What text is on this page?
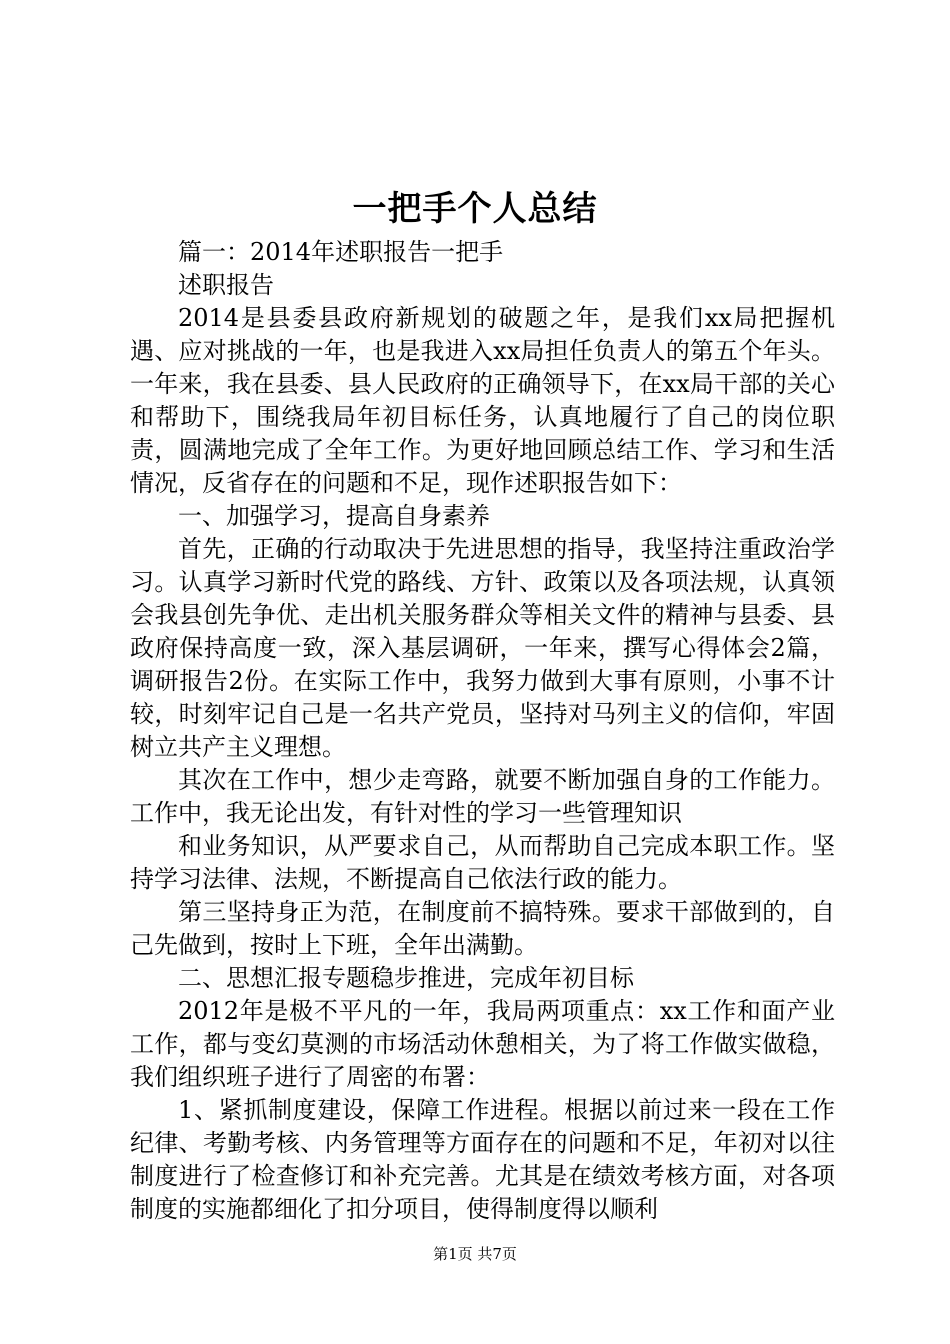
一把手个人总结

篇一：2014年述职报告一把手

述职报告

2014是县委县政府新规划的破题之年，是我们xx局把握机遇、应对挑战的一年，也是我进入xx局担任负责人的第五个年头。一年来，我在县委、县人民政府的正确领导下，在xx局干部的关心和帮助下，围绕我局年初目标任务，认真地履行了自己的岗位职责，圆满地完成了全年工作。为更好地回顾总结工作、学习和生活情况，反省存在的问题和不足，现作述职报告如下：

一、加强学习，提高自身素养

首先，正确的行动取决于先进思想的指导，我坚持注重政治学习。认真学习新时代党的路线、方针、政策以及各项法规，认真领会我县创先争优、走出机关服务群众等相关文件的精神与县委、县政府保持高度一致，深入基层调研，一年来，撰写心得体会2篇，调研报告2份。在实际工作中，我努力做到大事有原则，小事不计较，时刻牢记自己是一名共产党员，坚持对马列主义的信仰，牢固树立共产主义理想。

其次在工作中，想少走弯路，就要不断加强自身的工作能力。工作中，我无论出发，有针对性的学习一些管理知识

和业务知识，从严要求自己，从而帮助自己完成本职工作。坚持学习法律、法规，不断提高自己依法行政的能力。

第三坚持身正为范，在制度前不搞特殊。要求干部做到的，自己先做到，按时上下班，全年出满勤。

二、思想汇报专题稳步推进，完成年初目标

2012年是极不平凡的一年，我局两项重点：xx工作和面产业工作，都与变幻莫测的市场活动休憩相关，为了将工作做实做稳，我们组织班子进行了周密的布署：

1、紧抓制度建设，保障工作进程。根据以前过来一段在工作纪律、考勤考核、内务管理等方面存在的问题和不足，年初对以往制度进行了检查修订和补充完善。尤其是在绩效考核方面，对各项制度的实施都细化了扣分项目，使得制度得以顺利

第1页 共7页
